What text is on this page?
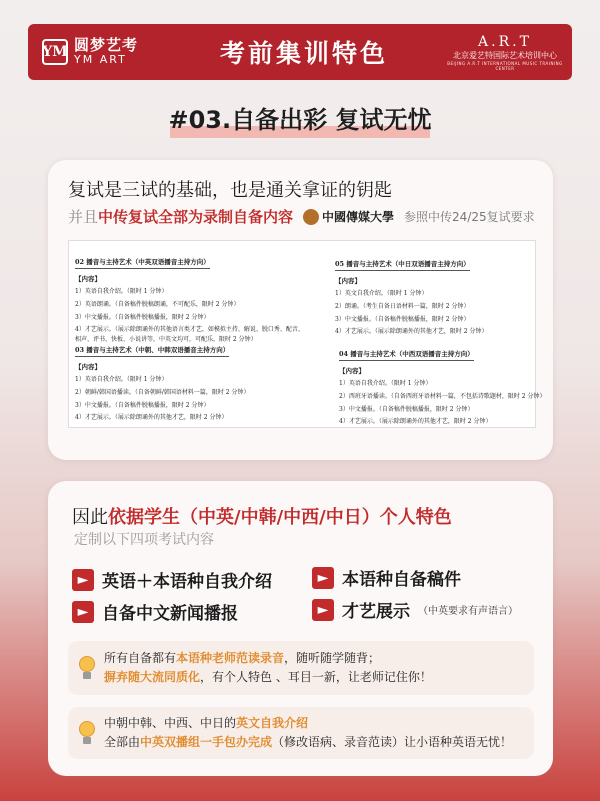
YM 圆梦艺考
YM ART	考前集训特色	A.R.T
北京爱艺特国际艺术培训中心
BEIJING A.R.T INTERNATIONAL MUSIC TRAINING CENTER
#03.自备出彩 复试无忧
复试是三试的基础，也是通关拿证的钥匙
并且 中传复试全部为录制自备内容 中國傳媒大學 参照中传24/25复试要求
02 播音与主持艺术（中英双语播音主持方向）
【内容】
1）英语自我介绍。（限时 1 分钟）
2）英语朗诵。（自备稿件脱稿朗诵，不可配乐，限时 2 分钟）
3）中文播报。（自备稿件脱稿播报，限时 2 分钟）
4）才艺展示。（展示除朗诵外的其他语言类才艺，如模拟主持、解说、脱口秀、配音、
相声、评书、快板、小说讲等，中英文均可，可配乐，限时 2 分钟）
05 播音与主持艺术（中日双语播音主持方向）
【内容】
1）英文自我介绍。（限时 1 分钟）
2）朗诵。（考生自备日语材料一篇，限时 2 分钟）
3）中文播报。（自备稿件脱稿播报，限时 2 分钟）
4）才艺展示。（展示除朗诵外的其他才艺，限时 2 分钟）
03 播音与主持艺术（中朝、中韩双语播音主持方向）
【内容】
1）英语自我介绍。（限时 1 分钟）
2）朝鲜/韩国语播读。（自备朝鲜/韩国语材料一篇，限时 2 分钟）
3）中文播报。（自备稿件脱稿播报，限时 2 分钟）
4）才艺展示。（展示除朗诵外的其他才艺，限时 2 分钟）
04 播音与主持艺术（中西双语播音主持方向）
【内容】
1）英语自我介绍。（限时 1 分钟）
2）西班牙语播读。（自备西班牙语材料一篇，不包括诗歌题材，限时 2 分钟）
3）中文播报。（自备稿件脱稿播报，限时 2 分钟）
4）才艺展示。（展示除朗诵外的其他才艺，限时 2 分钟）
因此依据学生（中英/中韩/中西/中日）个人特色
定制以下四项考试内容
► 英语＋本语种自我介绍	► 本语种自备稿件
► 自备中文新闻播报	► 才艺展示 （中英要求有声语言）
所有自备都有本语种老师范读录音，随听随学随背；
摒弃随大流同质化，有个人特色 、耳目一新，让老师记住你！
中朝中韩、中西、中日的英文自我介绍
全部由中英双播组一手包办完成（修改语病、录音范读）让小语种英语无忧！
